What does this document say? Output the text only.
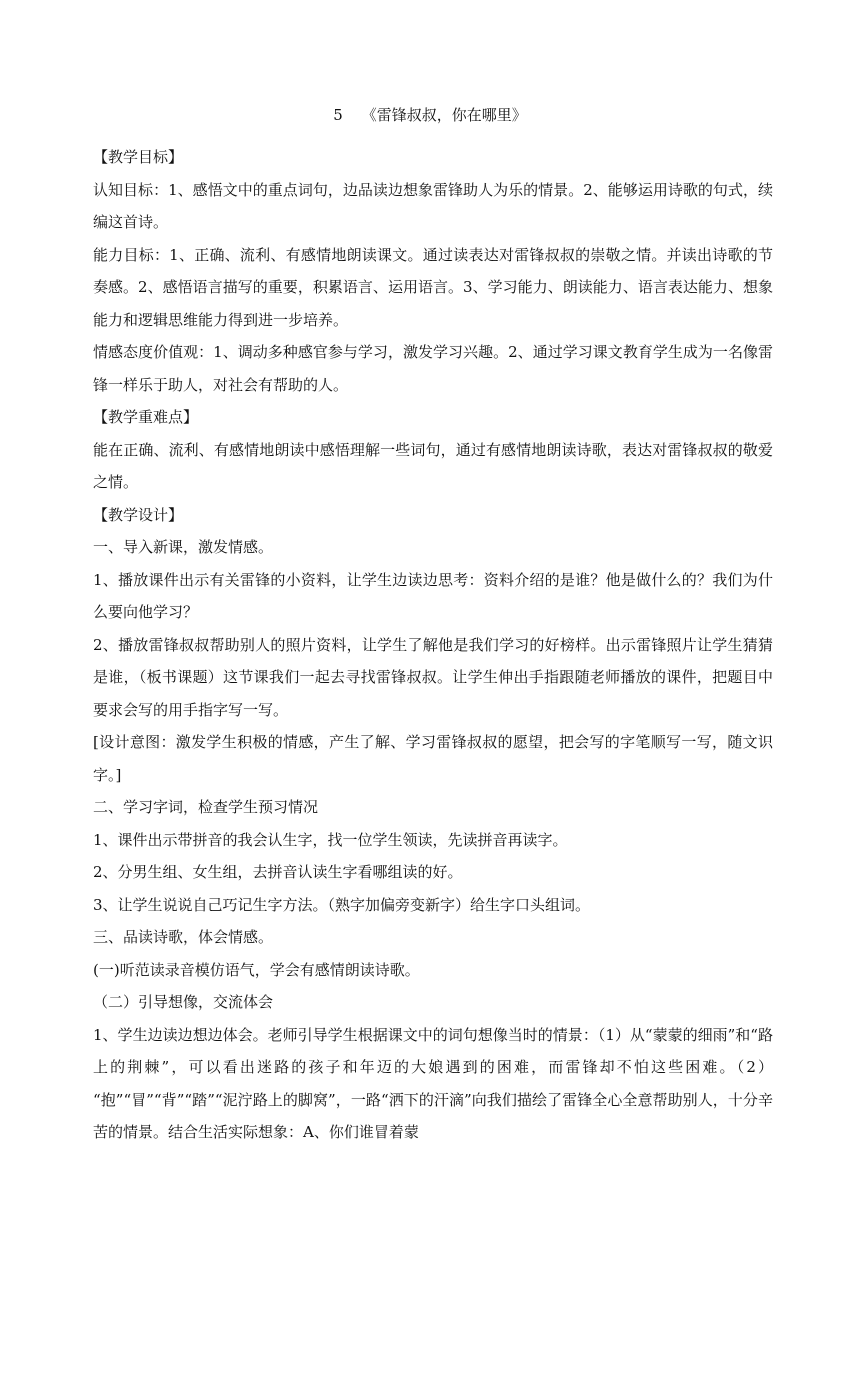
5    《雷锋叔叔，你在哪里》

【教学目标】

认知目标：1、感悟文中的重点词句，边品读边想象雷锋助人为乐的情景。2、能够运用诗歌的句式，续编这首诗。

能力目标：1、正确、流利、有感情地朗读课文。通过读表达对雷锋叔叔的崇敬之情。并读出诗歌的节奏感。2、感悟语言描写的重要，积累语言、运用语言。3、学习能力、朗读能力、语言表达能力、想象能力和逻辑思维能力得到进一步培养。

情感态度价值观：1、调动多种感官参与学习，激发学习兴趣。2、通过学习课文教育学生成为一名像雷锋一样乐于助人，对社会有帮助的人。

【教学重难点】

能在正确、流利、有感情地朗读中感悟理解一些词句，通过有感情地朗读诗歌，表达对雷锋叔叔的敬爱之情。

【教学设计】

一、导入新课，激发情感。

1、播放课件出示有关雷锋的小资料，让学生边读边思考：资料介绍的是谁？他是做什么的？我们为什么要向他学习？

2、播放雷锋叔叔帮助别人的照片资料，让学生了解他是我们学习的好榜样。出示雷锋照片让学生猜猜是谁，（板书课题）这节课我们一起去寻找雷锋叔叔。让学生伸出手指跟随老师播放的课件，把题目中要求会写的用手指字写一写。

[设计意图：激发学生积极的情感，产生了解、学习雷锋叔叔的愿望，把会写的字笔顺写一写，随文识字。]

二、学习字词，检查学生预习情况

1、课件出示带拼音的我会认生字，找一位学生领读，先读拼音再读字。

2、分男生组、女生组，去拼音认读生字看哪组读的好。

3、让学生说说自己巧记生字方法。（熟字加偏旁变新字）给生字口头组词。

三、品读诗歌，体会情感。

(一)听范读录音模仿语气，学会有感情朗读诗歌。

（二）引导想像，交流体会

1、学生边读边想边体会。老师引导学生根据课文中的词句想像当时的情景：（1）从“蒙蒙的细雨”和“路上的荆棘”，可以看出迷路的孩子和年迈的大娘遇到的困难，而雷锋却不怕这些困难。（2） “抱”“冒”“背”“踏”“泥泞路上的脚窝”，一路“洒下的汗滴”向我们描绘了雷锋全心全意帮助别人，十分辛苦的情景。结合生活实际想象：A、你们谁冒着蒙
